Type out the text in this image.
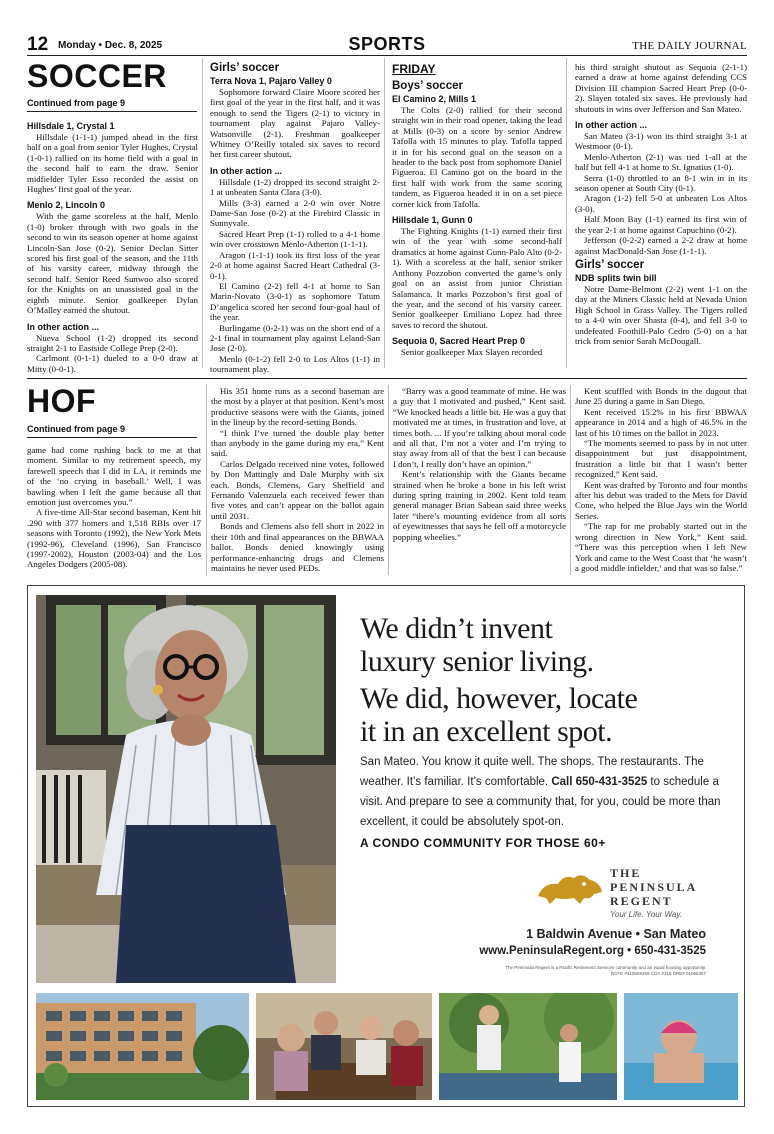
12 Monday • Dec. 8, 2025	SPORTS	THE DAILY JOURNAL
SOCCER
Continued from page 9
Hillsdale 1, Crystal 1

Hillsdale (1-1-1) jumped ahead in the first half on a goal from senior Tyler Hughes, Crystal (1-0-1) rallied on its home field with a goal in the second half to earn the draw. Senior midfielder Tyler Esso recorded the assist on Hughes’ first goal of the year.

Menlo 2, Lincoln 0

With the game scoreless at the half, Menlo (1-0) broker through with two goals in the second to win its season opener at home against Lincoln-San Jose (0-2). Senior Declan Sitter scored his first goal of the season, and the 11th of his varsity career, midway through the second half. Senior Reed Sunwoo also scored for the Knights on an unassisted goal in the eighth minute. Senior goalkeeper Dylan O’Malley earned the shutout.

In other action ...

Nueva School (1-2) dropped its second straight 2-1 to Eastside College Prep (2-0).

Carlmont (0-1-1) dueled to a 0-0 draw at Mitty (0-0-1).

Girls’ soccer
Terra Nova 1, Pajaro Valley 0

Sophomore forward Claire Moore scored her first goal of the year in the first half, and it was enough to send the Tigers (2-1) to victory in tournament play against Pajaro Valley-Watsonville (2-1). Freshman goalkeeper Whitney O’Reilly totaled six saves to record her first career shutout.

In other action ...

Hillsdale (1-2) dropped its second straight 2-1 at unbeaten Santa Clara (3-0).

Mills (3-3) earned a 2-0 win over Notre Dame-San Jose (0-2) at the Firebird Classic in Sunnyvale.

Sacred Heart Prep (1-1) rolled to a 4-1 home win over crosstown Menlo-Atherton (1-1-1).

Aragon (1-1-1) took its first loss of the year 2-0 at home against Sacred Heart Cathedral (3-0-1).

El Camino (2-2) fell 4-1 at home to San Marin-Novato (3-0-1) as sophomore Tatum D’angelica scored her second four-goal haul of the year.

Burlingame (0-2-1) was on the short end of a 2-1 final in tournament play against Leland-San Jose (2-0).

Menlo (0-1-2) fell 2-0 to Los Altos (1-1) in tournament play.

FRIDAY
Boys’ soccer
El Camino 2, Mills 1

The Colts (2-0) rallied for their second straight win in their road opener, taking the lead at Mills (0-3) on a score by senior Andrew Tafolla with 15 minutes to play. Tafolla tapped it in for his second goal on the season on a header to the back post from sophomore Daniel Figueroa. El Camino got on the board in the first half with work from the same scoring tandem, as Figueroa headed it in on a set piece corner kick from Tafolla.

Hillsdale 1, Gunn 0

The Fighting Knights (1-1) earned their first win of the year with some second-half dramatics at home against Gunn-Palo Alto (0-2-1). With a scoreless at the half, senior striker Anthony Pozzobon converted the game’s only goal on an assist from junior Christian Salamanca. It marks Pozzobon’s first goal of the year, and the second of his varsity career. Senior goalkeeper Emiliano Lopez had three saves to record the shutout.

Sequoia 0, Sacred Heart Prep 0

Senior goalkeeper Max Slayen recorded

his third straight shutout as Sequoia (2-1-1) earned a draw at home against defending CCS Division III champion Sacred Heart Prep (0-0-2). Slayen totaled six saves. He previously had shutouts in wins over Jefferson and San Mateo.

In other action ...

San Mateo (3-1) won its third straight 3-1 at Westmoor (0-1).

Menlo-Atherton (2-1) was tied 1-all at the half but fell 4-1 at home to St. Ignatius (1-0).

Serra (1-0) throttled to an 8-1 win in in its season opener at South City (0-1).

Aragon (1-2) fell 5-0 at unbeaten Los Altos (3-0).

Half Moon Bay (1-1) earned its first win of the year 2-1 at home against Capuchino (0-2).

Jefferson (0-2-2) earned a 2-2 draw at home against MacDonald-San Jose (1-1-1).

Girls’ soccer
NDB splits twin bill

Notre Dame-Belmont (2-2) went 1-1 on the day at the Miners Classic held at Nevada Union High School in Grass Valley. The Tigers rolled to a 4-0 win over Shasta (0-4), and fell 3-0 to undefeated Foothill-Palo Cedro (5-0) on a hat trick from senior Sarah McDougall.

HOF
Continued from page 9

game had come rushing back to me at that moment. Similar to my retirement speech, my farewell speech that I did in LA, it reminds me of the ‘no crying in baseball.’ Well, I was bawling when I left the game because all that emotion just overcomes you.”

A five-time All-Star second baseman, Kent hit .290 with 377 homers and 1,518 RBIs over 17 seasons with Toronto (1992), the New York Mets (1992-96), Cleveland (1996), San Francisco (1997-2002), Houston (2003-04) and the Los Angeles Dodgers (2005-08).

His 351 home runs as a second baseman are the most by a player at that position. Kent’s most productive seasons were with the Giants, joined in the lineup by the record-setting Bonds.

“I think I’ve turned the double play better than anybody in the game during my era,” Kent said.

Carlos Delgado received nine votes, followed by Don Mattingly and Dale Murphy with six each. Bonds, Clemens, Gary Sheffield and Fernando Valenzuela each received fewer than five votes and can’t appear on the ballot again until 2031.

Bonds and Clemens also fell short in 2022 in their 10th and final appearances on the BBWAA ballot. Bonds denied knowingly using performance-enhancing drugs and Clemens maintains he never used PEDs.

“Barry was a good teammate of mine. He was a guy that I motivated and pushed,” Kent said. “We knocked heads a little bit. He was a guy that motivated me at times, in frustration and love, at times both. ... If you’re talking about moral code and all that, I’m not a voter and I’m trying to stay away from all of that the best I can because I don’t, I really don’t have an opinion.”

Kent’s relationship with the Giants became strained when he broke a bone in his left wrist during spring training in 2002. Kent told team general manager Brian Sabean said three weeks later “there’s mounting evidence from all sorts of eyewitnesses that says he fell off a motorcycle popping wheelies.”

Kent scuffled with Bonds in the dugout that June 25 during a game in San Diego.

Kent received 15.2% in his first BBWAA appearance in 2014 and a high of 46.5% in the last of his 10 times on the ballot in 2023.

“The moments seemed to pass by in not utter disappointment but just disappointment, frustration a little bit that I wasn’t better recognized,” Kent said.

Kent was drafted by Toronto and four months after his debut was traded to the Mets for David Cone, who helped the Blue Jays win the World Series.

“The rap for me probably started out in the wrong direction in New York,” Kent said. “There was this perception when I left New York and came to the West Coast that ‘he wasn’t a good middle infielder,’ and that was so false.”

We didn’t invent
luxury senior living.
We did, however, locate
it in an excellent spot.
San Mateo. You know it quite well. The shops. The restaurants. The weather. It’s familiar. It’s comfortable. Call 650-431-3525 to schedule a visit. And prepare to see a community that, for you, could be more than excellent, it could be absolutely spot-on.
A CONDO COMMUNITY FOR THOSE 60+
THE
PENINSULA
REGENT
Your Life. Your Way.
1 Baldwin Avenue • San Mateo
www.PeninsulaRegent.org • 650-431-3525
The Peninsula Regent is a Pacific Retirement Services community and an equal housing opportunity. RCFE #410508359 COA #318 DRE# 01066357
